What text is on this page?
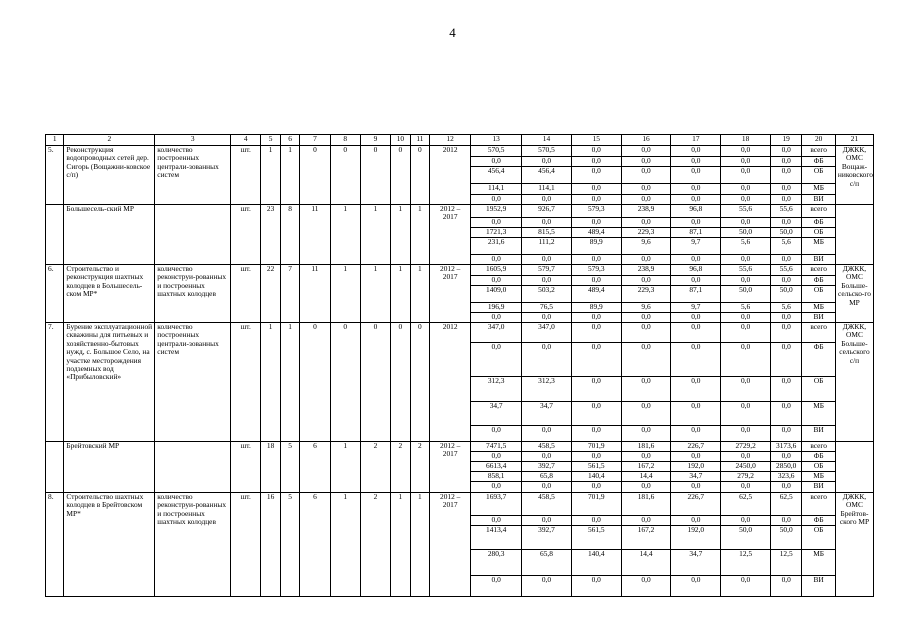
4
1	2	3	4	5	6	7	8	9	10	11	12	13	14	15	16	17	18	19	20	21
5.	Реконструкция водопроводных сетей дер. Сигорь (Вощажни-ковское с/п)	количество построенных централи-зованных систем	шт.	1	1	0	0	0	0	0	2012	570,5	570,5	0,0	0,0	0,0	0,0	0,0	всего	ДЖКК, ОМС Вощаж-никовского с/п
												0,0	0,0	0,0	0,0	0,0	0,0	0,0	ФБ	
												456,4	456,4	0,0	0,0	0,0	0,0	0,0	ОБ	
												114,1	114,1	0,0	0,0	0,0	0,0	0,0	МБ	
												0,0	0,0	0,0	0,0	0,0	0,0	0,0	ВИ	
	Большесель-ский МР		шт.	23	8	11	1	1	1	1	2012 – 2017	1952,9	926,7	579,3	238,9	96,8	55,6	55,6	всего	
												0,0	0,0	0,0	0,0	0,0	0,0	0,0	ФБ	
												1721,3	815,5	489,4	229,3	87,1	50,0	50,0	ОБ	
												231,6	111,2	89,9	9,6	9,7	5,6	5,6	МБ	
												0,0	0,0	0,0	0,0	0,0	0,0	0,0	ВИ	
6.	Строительство и реконструкция шахтных колодцев в Большесель-ском МР*	количество реконструи-рованных и построенных шахтных колодцев	шт.	22	7	11	1	1	1	1	2012 – 2017	1605,9	579,7	579,3	238,9	96,8	55,6	55,6	всего	ДЖКК, ОМС Больше-сельско-го МР
												0,0	0,0	0,0	0,0	0,0	0,0	0,0	ФБ	
												1409,0	503,2	489,4	229,3	87,1	50,0	50,0	ОБ	
												196,9	76,5	89,9	9,6	9,7	5,6	5,6	МБ	
												0,0	0,0	0,0	0,0	0,0	0,0	0,0	ВИ	
7.	Бурение эксплуатационной скважины для питьевых и хозяйственно-бытовых нужд, с. Большое Село, на участке месторождения подземных вод «Прибыловский»	количество построенных централи-зованных систем	шт.	1	1	0	0	0	0	0	2012	347,0	347,0	0,0	0,0	0,0	0,0	0,0	всего	ДЖКК, ОМС Больше-сельского с/п
												0,0	0,0	0,0	0,0	0,0	0,0	0,0	ФБ	
												312,3	312,3	0,0	0,0	0,0	0,0	0,0	ОБ	
												34,7	34,7	0,0	0,0	0,0	0,0	0,0	МБ	
												0,0	0,0	0,0	0,0	0,0	0,0	0,0	ВИ	
	Брейтовский МР		шт.	18	5	6	1	2	2	2	2012 – 2017	7471,5	458,5	701,9	181,6	226,7	2729,2	3173,6	всего	
												0,0	0,0	0,0	0,0	0,0	0,0	0,0	ФБ	
												6613,4	392,7	561,5	167,2	192,0	2450,0	2850,0	ОБ	
												858,1	65,8	140,4	14,4	34,7	279,2	323,6	МБ	
												0,0	0,0	0,0	0,0	0,0	0,0	0,0	ВИ	
8.	Строительство шахтных колодцев в Брейтовском МР*	количество реконструи-рованных и построенных шахтных колодцев	шт.	16	5	6	1	2	1	1	2012 – 2017	1693,7	458,5	701,9	181,6	226,7	62,5	62,5	всего	ДЖКК, ОМС Брейтов-ского МР
												0,0	0,0	0,0	0,0	0,0	0,0	0,0	ФБ	
												1413,4	392,7	561,5	167,2	192,0	50,0	50,0	ОБ	
												280,3	65,8	140,4	14,4	34,7	12,5	12,5	МБ	
												0,0	0,0	0,0	0,0	0,0	0,0	0,0	ВИ	
